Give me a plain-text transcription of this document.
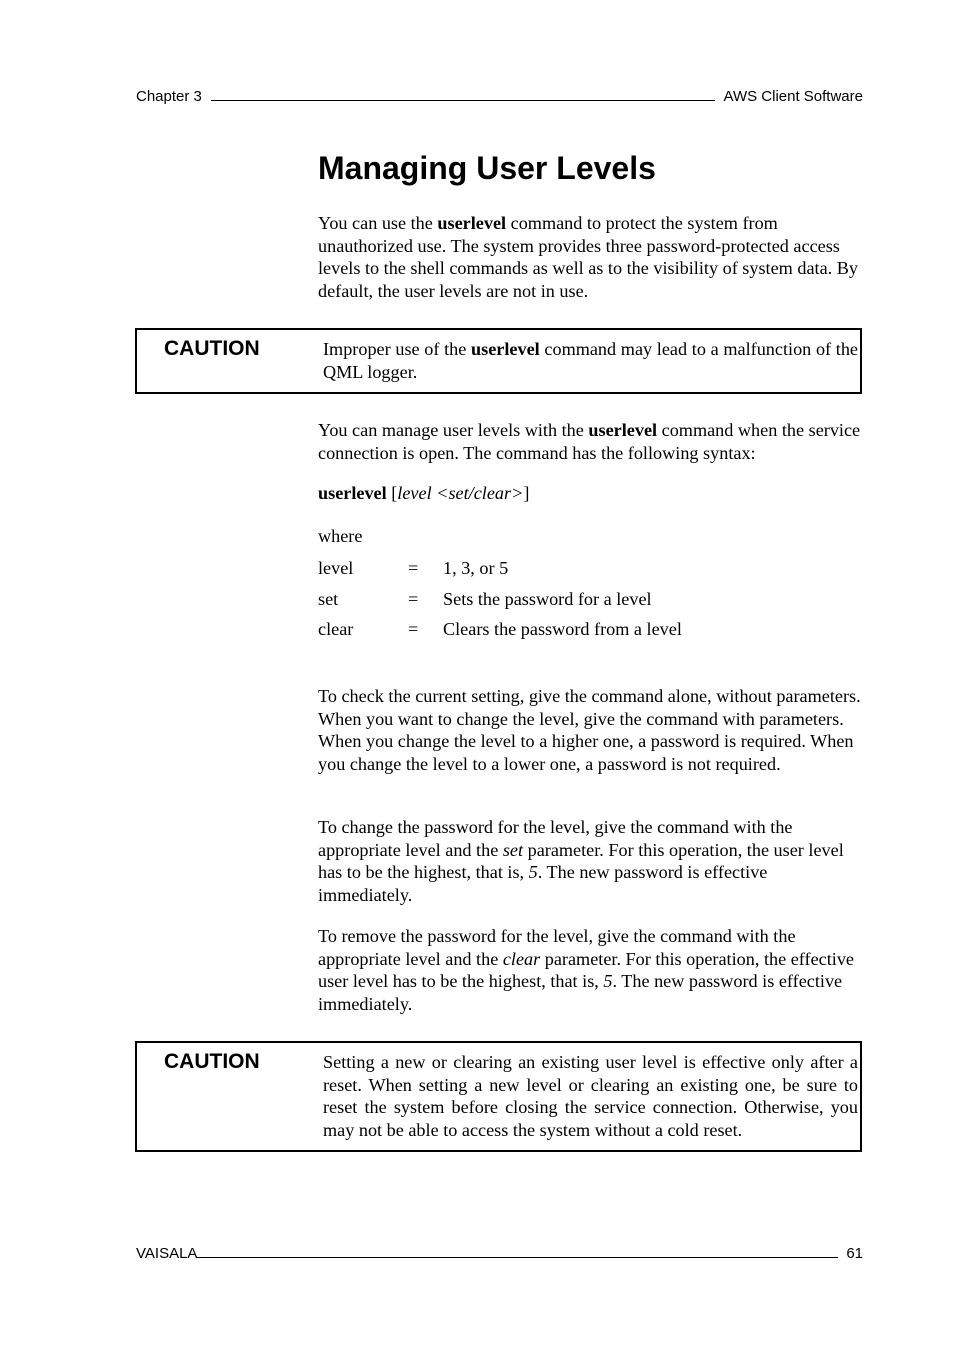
Chapter 3	AWS Client Software
Managing User Levels

You can use the userlevel command to protect the system from unauthorized use. The system provides three password-protected access levels to the shell commands as well as to the visibility of system data. By default, the user levels are not in use.

CAUTION	Improper use of the userlevel command may lead to a malfunction of the QML logger.

You can manage user levels with the userlevel command when the service connection is open. The command has the following syntax:

userlevel [level <set/clear>]

where

level	= 1, 3, or 5
set	= Sets the password for a level
clear	= Clears the password from a level

To check the current setting, give the command alone, without parameters. When you want to change the level, give the command with parameters. When you change the level to a higher one, a password is required. When you change the level to a lower one, a password is not required.

To change the password for the level, give the command with the appropriate level and the set parameter. For this operation, the user level has to be the highest, that is, 5. The new password is effective immediately.

To remove the password for the level, give the command with the appropriate level and the clear parameter. For this operation, the effective user level has to be the highest, that is, 5. The new password is effective immediately.

CAUTION	Setting a new or clearing an existing user level is effective only after a reset. When setting a new level or clearing an existing one, be sure to reset the system before closing the service connection. Otherwise, you may not be able to access the system without a cold reset.

VAISALA	61
